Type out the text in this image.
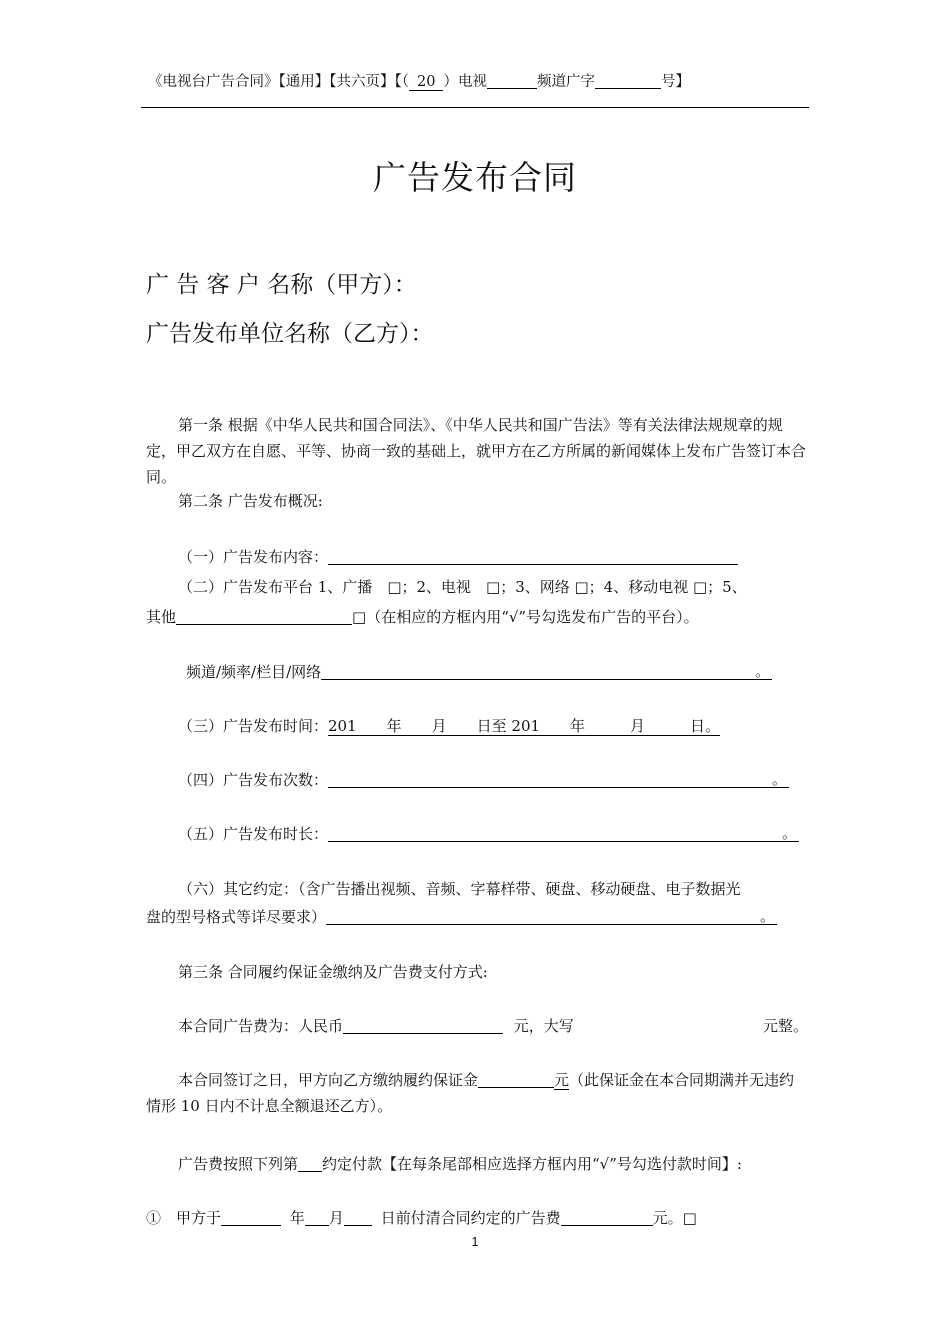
《电视台广告合同》【通用】【共六页】【（ 20 ）电视	频道广字	号】
广告发布合同
广 告 客 户 名称（甲方）：
广告发布单位名称（乙方）：
第一条 根据《中华人民共和国合同法》、《中华人民共和国广告法》等有关法律法规规章的规定，甲乙双方在自愿、平等、协商一致的基础上，就甲方在乙方所属的新闻媒体上发布广告签订本合同。
第二条 广告发布概况:
（一）广告发布内容：
（二）广告发布平台 1、广播　□；2、电视　□；3、网络 □；4、移动电视 □；5、
其他	□（在相应的方框内用“√”号勾选发布广告的平台）。
频道/频率/栏目/网络	。
（三）广告发布时间：201　　年　　月　　日至 201　　年　　　月　　　日。
（四）广告发布次数：	。
（五）广告发布时长：	。
（六）其它约定：（含广告播出视频、音频、字幕样带、硬盘、移动硬盘、电子数据光
盘的型号格式等详尽要求）	。
第三条 合同履约保证金缴纳及广告费支付方式:
本合同广告费为：人民币	元，大写	元整。
本合同签订之日，甲方向乙方缴纳履约保证金	元（此保证金在本合同期满并无违约情形 10 日内不计息全额退还乙方）。
广告费按照下列第 约定付款【在每条尾部相应选择方框内用“√”号勾选付款时间】:
①　甲方于	年 月 日前付清合同约定的广告费	元。□
1
